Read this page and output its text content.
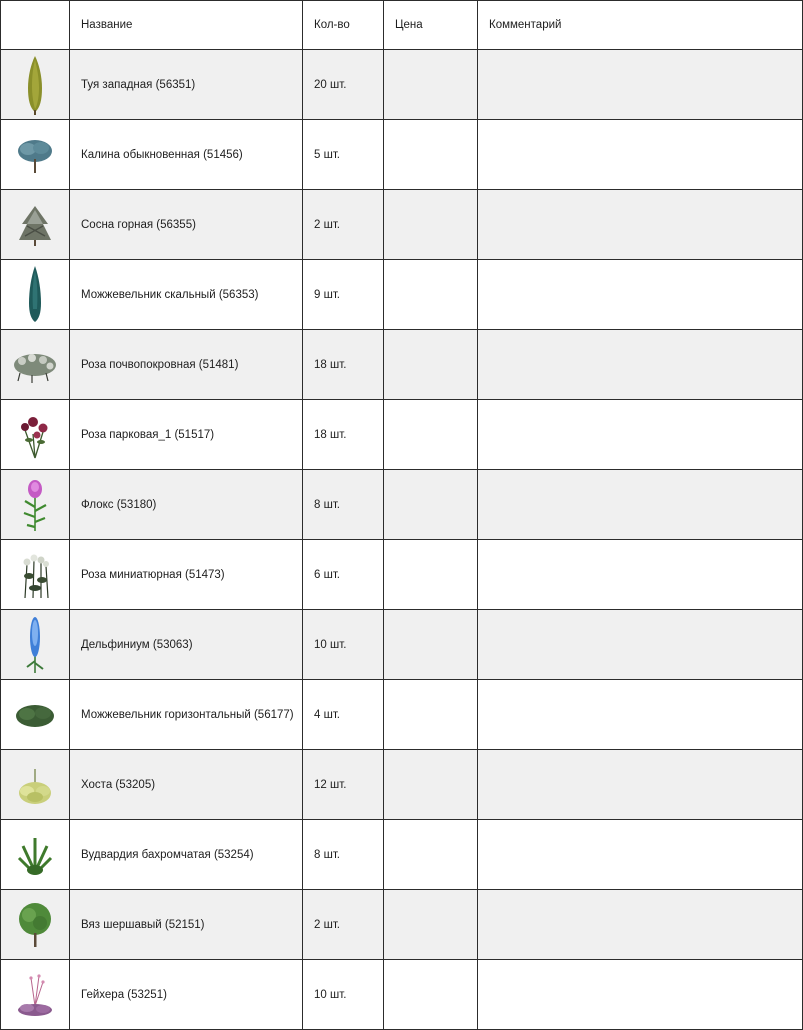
	Название	Кол-во	Цена	Комментарий

	Туя западная (56351)	20 шт.		

	Калина обыкновенная (51456)	5 шт.		

	Сосна горная (56355)	2 шт.		

	Можжевельник скальный (56353)	9 шт.		

	Роза почвопокровная (51481)	18 шт.		

	Роза парковая_1 (51517)	18 шт.		

	Флокс (53180)	8 шт.		

	Роза миниатюрная (51473)	6 шт.		

	Дельфиниум (53063)	10 шт.		

	Можжевельник горизонтальный (56177)	4 шт.		

	Хоста (53205)	12 шт.		

	Вудвардия бахромчатая (53254)	8 шт.		

	Вяз шершавый (52151)	2 шт.		

	Гейхера (53251)	10 шт.		
